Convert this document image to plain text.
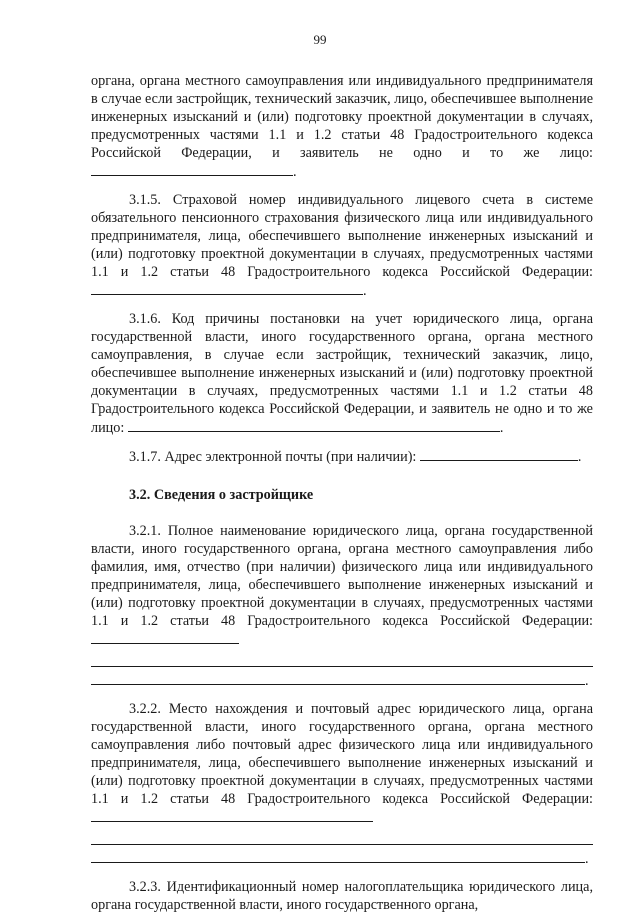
99

органа, органа местного самоуправления или индивидуального предпринимателя в случае если застройщик, технический заказчик, лицо, обеспечившее выполнение инженерных изысканий и (или) подготовку проектной документации в случаях, предусмотренных частями 1.1 и 1.2 статьи 48 Градостроительного кодекса Российской Федерации, и заявитель не одно и то же лицо: .

3.1.5. Страховой номер индивидуального лицевого счета в системе обязательного пенсионного страхования физического лица или индивидуального предпринимателя, лица, обеспечившего выполнение инженерных изысканий и (или) подготовку проектной документации в случаях, предусмотренных частями 1.1 и 1.2 статьи 48 Градостроительного кодекса Российской Федерации: .

3.1.6. Код причины постановки на учет юридического лица, органа государственной власти, иного государственного органа, органа местного самоуправления, в случае если застройщик, технический заказчик, лицо, обеспечившее выполнение инженерных изысканий и (или) подготовку проектной документации в случаях, предусмотренных частями 1.1 и 1.2 статьи 48 Градостроительного кодекса Российской Федерации, и заявитель не одно и то же лицо:	.

3.1.7. Адрес электронной почты (при наличии):	.

3.2. Сведения о застройщике

3.2.1. Полное наименование юридического лица, органа государственной власти, иного государственного органа, органа местного самоуправления либо фамилия, имя, отчество (при наличии) физического лица или индивидуального предпринимателя, лица, обеспечившего выполнение инженерных изысканий и (или) подготовку проектной документации в случаях, предусмотренных частями 1.1 и 1.2 статьи 48 Градостроительного кодекса Российской Федерации:
.

3.2.2. Место нахождения и почтовый адрес юридического лица, органа государственной власти, иного государственного органа, органа местного самоуправления либо почтовый адрес физического лица или индивидуального предпринимателя, лица, обеспечившего выполнение инженерных изысканий и (или) подготовку проектной документации в случаях, предусмотренных частями 1.1 и 1.2 статьи 48 Градостроительного кодекса Российской Федерации:
.

3.2.3. Идентификационный номер налогоплательщика юридического лица, органа государственной власти, иного государственного органа,
